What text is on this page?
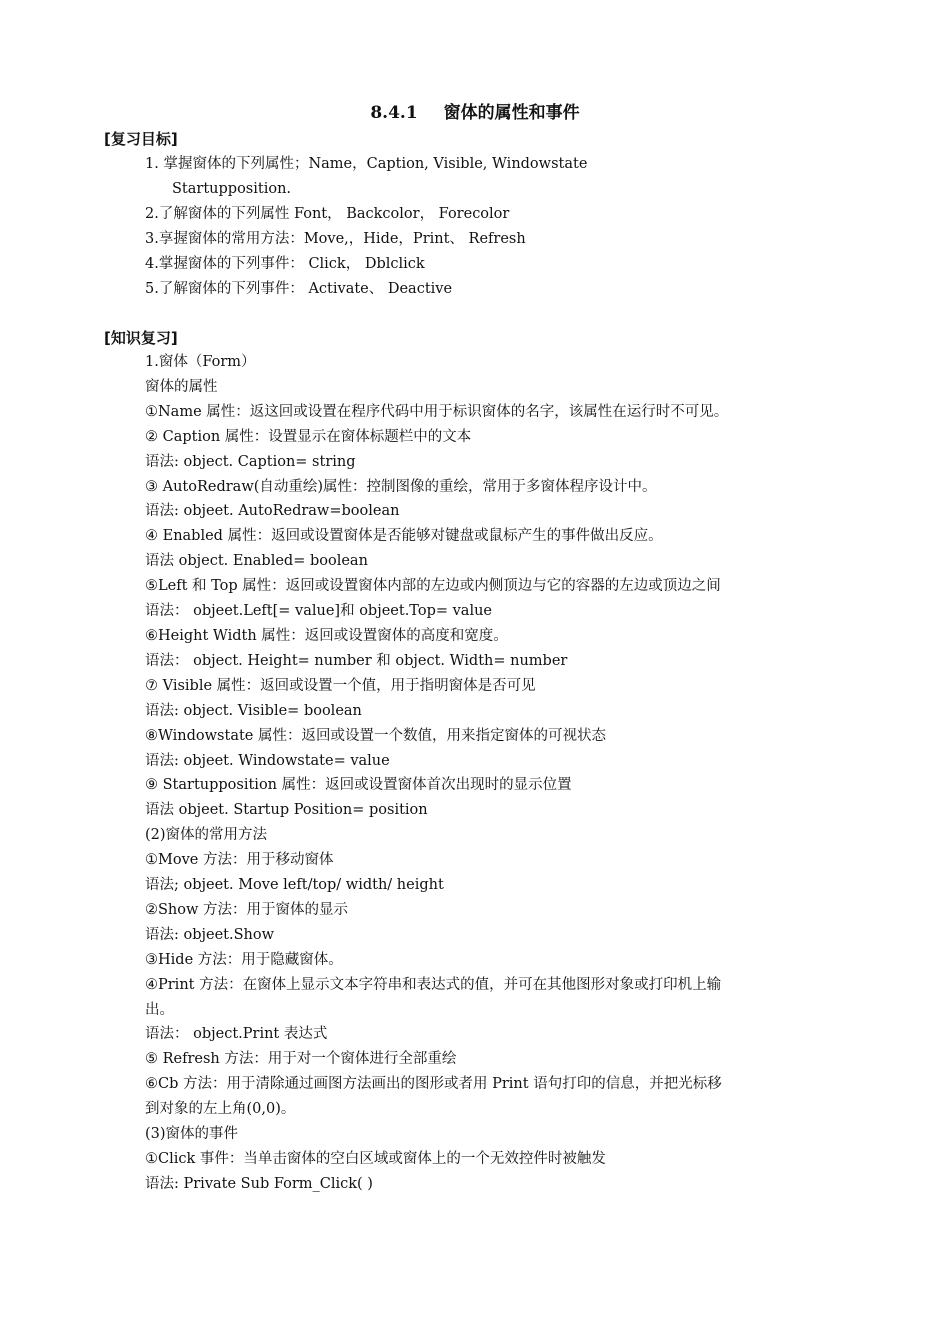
8.4.1 窗体的属性和事件
[复习目标]
1. 掌握窗体的下列属性；Name，Caption, Visible, Windowstate
Startupposition.
2.了解窗体的下列属性 Font， Backcolor， Forecolor
3.享握窗体的常用方法：Move,，Hide，Print、 Refresh
4.掌握窗体的下列事件： Click， Dblclick
5.了解窗体的下列事件： Activate、 Deactive
[知识复习]
1.窗体（Form）
窗体的属性
①Name 属性：返这回或设置在程序代码中用于标识窗体的名字，该属性在运行时不可见。
② Caption 属性：设置显示在窗体标题栏中的文本
语法: object. Caption= string
③ AutoRedraw(自动重绘)属性：控制图像的重绘，常用于多窗体程序设计中。
语法: objeet. AutoRedraw=boolean
④ Enabled 属性：返回或设置窗体是否能够对键盘或鼠标产生的事件做出反应。
语法 object. Enabled= boolean
⑤Left 和 Top 属性：返回或设置窗体内部的左边或内侧顶边与它的容器的左边或顶边之间
语法： objeet.Left[= value]和 objeet.Top= value
⑥Height Width 属性：返回或设置窗体的高度和宽度。
语法： object. Height= number 和 object. Width= number
⑦ Visible 属性：返回或设置一个值，用于指明窗体是否可见
语法: object. Visible= boolean
⑧Windowstate 属性：返回或设置一个数值，用来指定窗体的可视状态
语法: objeet. Windowstate= value
⑨ Startupposition 属性：返回或设置窗体首次出现时的显示位置
语法 objeet. Startup Position= position
(2)窗体的常用方法
①Move 方法：用于移动窗体
语法; objeet. Move left/top/ width/ height
②Show 方法：用于窗体的显示
语法: objeet.Show
③Hide 方法：用于隐藏窗体。
④Print 方法：在窗体上显示文本字符串和表达式的值，并可在其他图形对象或打印机上输
出。
语法： object.Print 表达式
⑤ Refresh 方法：用于对一个窗体进行全部重绘
⑥Cb 方法：用于清除通过画图方法画出的图形或者用 Print 语句打印的信息，并把光标移
到对象的左上角(0,0)。
(3)窗体的事件
①Click 事件：当单击窗体的空白区域或窗体上的一个无效控件时被触发
语法: Private Sub Form_Click( )
